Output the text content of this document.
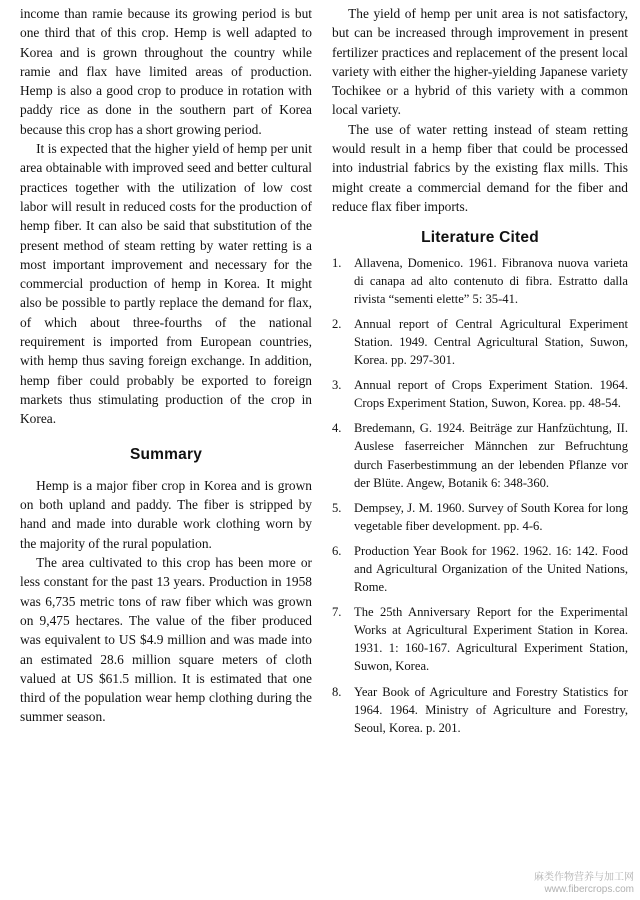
income than ramie because its growing period is but one third that of this crop. Hemp is well adapted to Korea and is grown throughout the country while ramie and flax have limited areas of production. Hemp is also a good crop to produce in rotation with paddy rice as done in the southern part of Korea because this crop has a short growing period.

It is expected that the higher yield of hemp per unit area obtainable with improved seed and better cultural practices together with the utilization of low cost labor will result in reduced costs for the production of hemp fiber. It can also be said that substitution of the present method of steam retting by water retting is a most important improvement and necessary for the commercial production of hemp in Korea. It might also be possible to partly replace the demand for flax, of which about three-fourths of the national requirement is imported from European countries, with hemp thus saving foreign exchange. In addition, hemp fiber could probably be exported to foreign markets thus stimulating production of the crop in Korea.

Summary

Hemp is a major fiber crop in Korea and is grown on both upland and paddy. The fiber is stripped by hand and made into durable work clothing worn by the majority of the rural population.

The area cultivated to this crop has been more or less constant for the past 13 years. Production in 1958 was 6,735 metric tons of raw fiber which was grown on 9,475 hectares. The value of the fiber produced was equivalent to US $4.9 million and was made into an estimated 28.6 million square meters of cloth valued at US $61.5 million. It is estimated that one third of the population wear hemp clothing during the summer season.

The yield of hemp per unit area is not satisfactory, but can be increased through improvement in present fertilizer practices and replacement of the present local variety with either the higher-yielding Japanese variety Tochikee or a hybrid of this variety with a common local variety.

The use of water retting instead of steam retting would result in a hemp fiber that could be processed into industrial fabrics by the existing flax mills. This might create a commercial demand for the fiber and reduce flax fiber imports.

Literature Cited
1. Allavena, Domenico. 1961. Fibranova nuova varieta di canapa ad alto contenuto di fibra. Estratto dalla rivista “sementi elette” 5: 35-41.
2. Annual report of Central Agricultural Experiment Station. 1949. Central Agricultural Station, Suwon, Korea. pp. 297-301.
3. Annual report of Crops Experiment Station. 1964. Crops Experiment Station, Suwon, Korea. pp. 48-54.
4. Bredemann, G. 1924. Beiträge zur Hanfzüchtung, II. Auslese faserreicher Männchen zur Befruchtung durch Faserbestimmung an der lebenden Pflanze vor der Blüte. Angew, Botanik 6: 348-360.
5. Dempsey, J. M. 1960. Survey of South Korea for long vegetable fiber development. pp. 4-6.
6. Production Year Book for 1962. 1962. 16: 142. Food and Agricultural Organization of the United Nations, Rome.
7. The 25th Anniversary Report for the Experimental Works at Agricultural Experiment Station in Korea. 1931. 1: 160-167. Agricultural Experiment Station, Suwon, Korea.
8. Year Book of Agriculture and Forestry Statistics for 1964. 1964. Ministry of Agriculture and Forestry, Seoul, Korea. p. 201.
麻类作物营养与加工网
www.fibercrops.com
